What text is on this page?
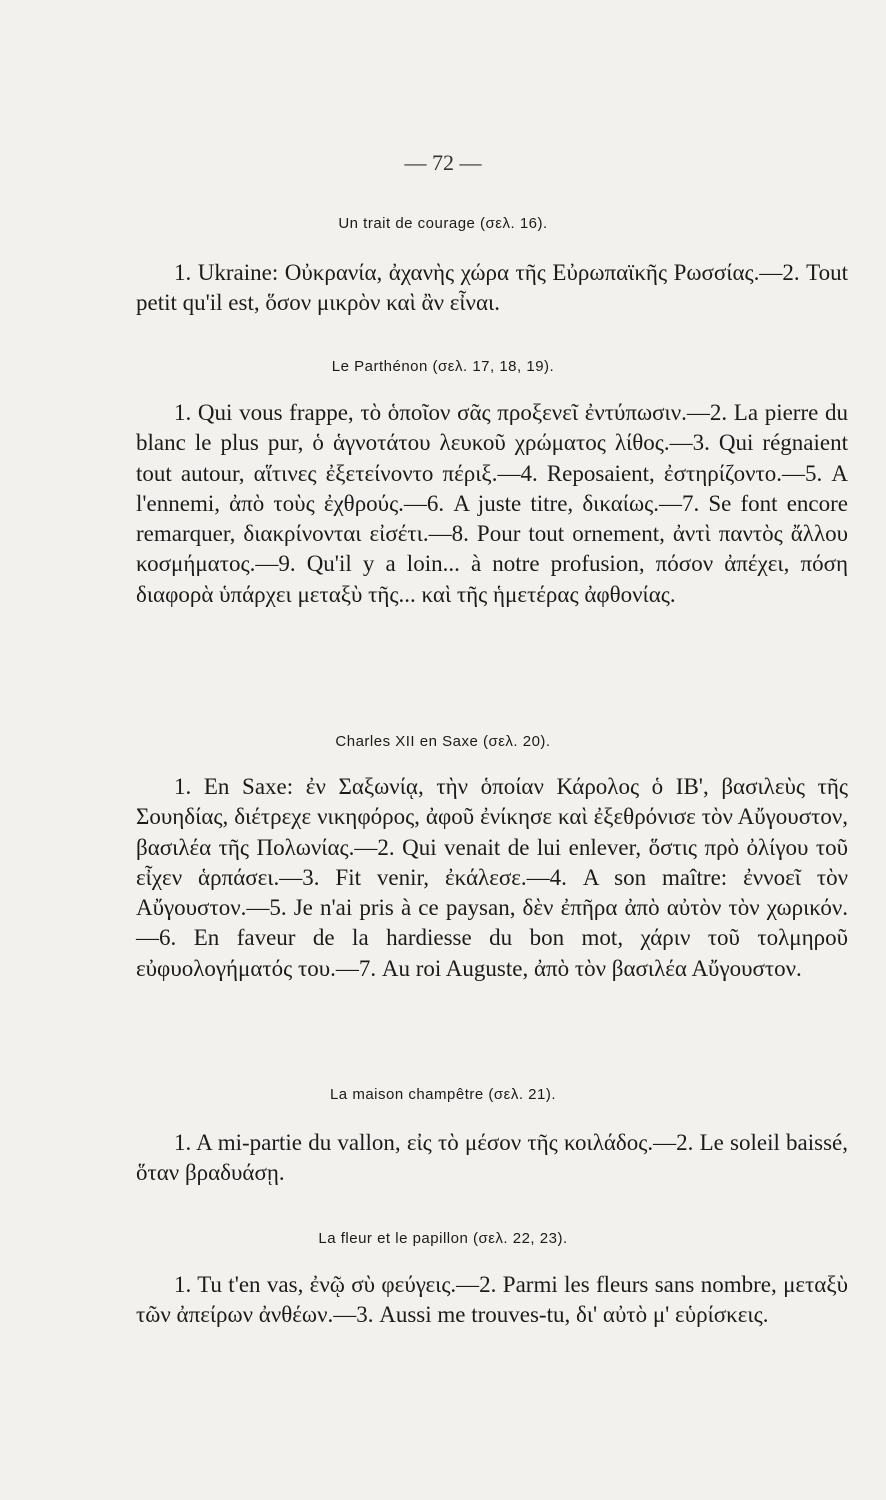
— 72 —
Un trait de courage (σελ. 16).

1. Ukraine: Οὐκρανία, ἀχανὴς χώρα τῆς Εὐρωπαϊκῆς Ρωσσίας.—2. Tout petit qu'il est, ὅσον μικρὸν καὶ ἂν εἶναι.

Le Parthénon (σελ. 17, 18, 19).

1. Qui vous frappe, τὸ ὁποῖον σᾶς προξενεῖ ἐντύπωσιν.—2. La pierre du blanc le plus pur, ὁ ἁγνοτάτου λευκοῦ χρώματος λίθος.—3. Qui régnaient tout autour, αἵτινες ἐξετείνοντο πέριξ.—4. Reposaient, ἐστηρίζοντο.—5. A l'ennemi, ἀπὸ τοὺς ἐχθρούς.—6. A juste titre, δικαίως.—7. Se font encore remarquer, διακρίνονται εἰσέτι.—8. Pour tout ornement, ἀντὶ παντὸς ἄλλου κοσμήματος.—9. Qu'il y a loin... à notre profusion, πόσον ἀπέχει, πόση διαφορὰ ὑπάρχει μεταξὺ τῆς... καὶ τῆς ἡμετέρας ἀφθονίας.

Charles XII en Saxe (σελ. 20).

1. En Saxe: ἐν Σαξωνίᾳ, τὴν ὁποίαν Κάρολος ὁ ΙΒ', βασιλεὺς τῆς Σουηδίας, διέτρεχε νικηφόρος, ἀφοῦ ἐνίκησε καὶ ἐξεθρόνισε τὸν Αὔγουστον, βασιλέα τῆς Πολωνίας.—2. Qui venait de lui enlever, ὅστις πρὸ ὀλίγου τοῦ εἶχεν ἁρπάσει.—3. Fit venir, ἐκάλεσε.—4. A son maître: ἐννοεῖ τὸν Αὔγουστον.—5. Je n'ai pris à ce paysan, δὲν ἐπῆρα ἀπὸ αὐτὸν τὸν χωρικόν.—6. En faveur de la hardiesse du bon mot, χάριν τοῦ τολμηροῦ εὐφυολογήματός του.—7. Au roi Auguste, ἀπὸ τὸν βασιλέα Αὔγουστον.

La maison champêtre (σελ. 21).

1. A mi-partie du vallon, εἰς τὸ μέσον τῆς κοιλάδος.—2. Le soleil baissé, ὅταν βραδυάσῃ.

La fleur et le papillon (σελ. 22, 23).

1. Tu t'en vas, ἐνῷ σὺ φεύγεις.—2. Parmi les fleurs sans nombre, μεταξὺ τῶν ἀπείρων ἀνθέων.—3. Aussi me trouves-tu, δι' αὐτὸ μ' εὑρίσκεις.
